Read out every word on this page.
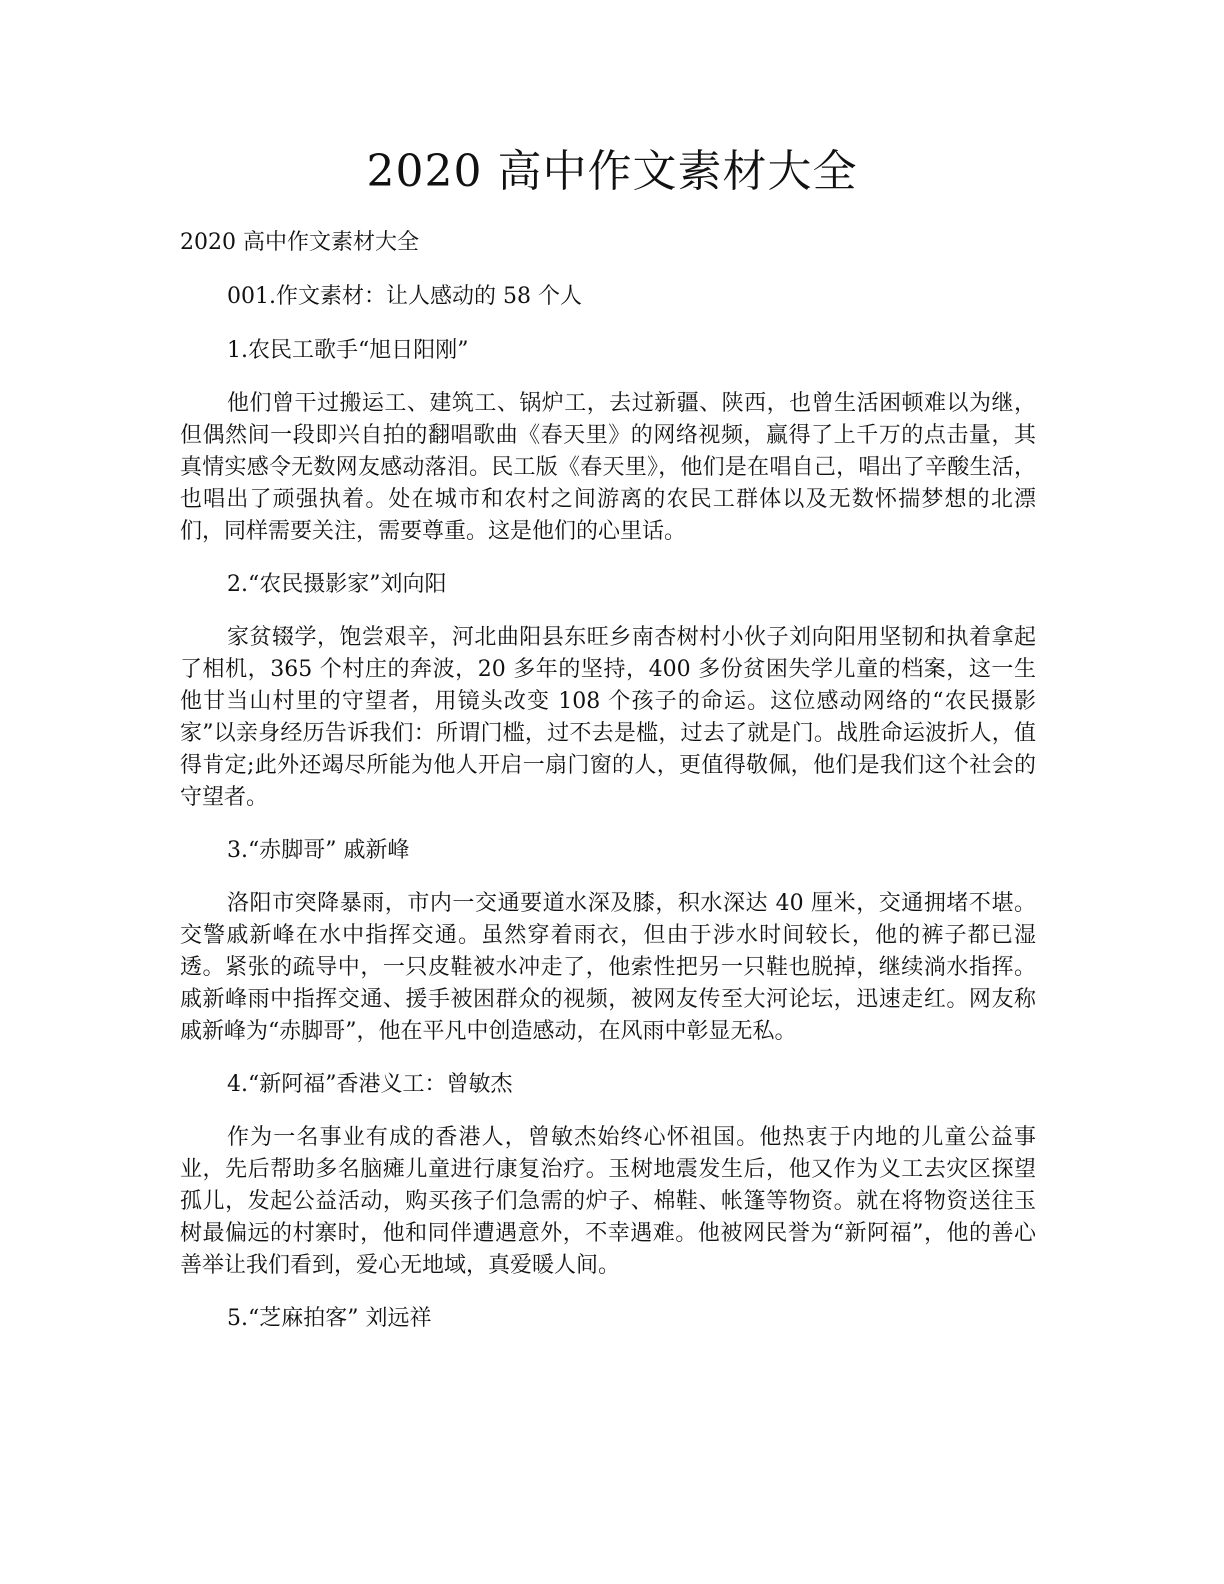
2020 高中作文素材大全

2020 高中作文素材大全

001.作文素材：让人感动的 58 个人

1.农民工歌手“旭日阳刚”

他们曾干过搬运工、建筑工、锅炉工，去过新疆、陕西，也曾生活困顿难以为继，但偶然间一段即兴自拍的翻唱歌曲《春天里》的网络视频，赢得了上千万的点击量，其真情实感令无数网友感动落泪。民工版《春天里》，他们是在唱自己，唱出了辛酸生活，也唱出了顽强执着。处在城市和农村之间游离的农民工群体以及无数怀揣梦想的北漂们，同样需要关注，需要尊重。这是他们的心里话。

2.“农民摄影家”刘向阳

家贫辍学，饱尝艰辛，河北曲阳县东旺乡南杏树村小伙子刘向阳用坚韧和执着拿起了相机，365 个村庄的奔波，20 多年的坚持，400 多份贫困失学儿童的档案，这一生他甘当山村里的守望者，用镜头改变 108 个孩子的命运。这位感动网络的“农民摄影家”以亲身经历告诉我们：所谓门槛，过不去是槛，过去了就是门。战胜命运波折人，值得肯定;此外还竭尽所能为他人开启一扇门窗的人，更值得敬佩，他们是我们这个社会的守望者。

3.“赤脚哥” 戚新峰

洛阳市突降暴雨，市内一交通要道水深及膝，积水深达 40 厘米，交通拥堵不堪。交警戚新峰在水中指挥交通。虽然穿着雨衣，但由于涉水时间较长，他的裤子都已湿透。紧张的疏导中，一只皮鞋被水冲走了，他索性把另一只鞋也脱掉，继续淌水指挥。戚新峰雨中指挥交通、援手被困群众的视频，被网友传至大河论坛，迅速走红。网友称戚新峰为“赤脚哥”，他在平凡中创造感动，在风雨中彰显无私。

4.“新阿福”香港义工：曾敏杰

作为一名事业有成的香港人，曾敏杰始终心怀祖国。他热衷于内地的儿童公益事业，先后帮助多名脑瘫儿童进行康复治疗。玉树地震发生后，他又作为义工去灾区探望孤儿，发起公益活动，购买孩子们急需的炉子、棉鞋、帐篷等物资。就在将物资送往玉树最偏远的村寨时，他和同伴遭遇意外，不幸遇难。他被网民誉为“新阿福”，他的善心善举让我们看到，爱心无地域，真爱暖人间。

5.“芝麻拍客” 刘远祥
